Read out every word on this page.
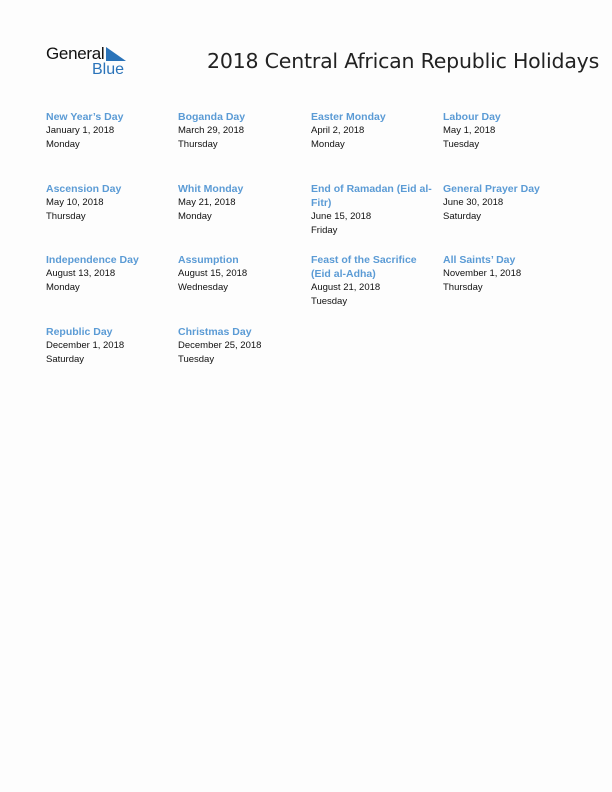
General
Blue	2018 Central African Republic Holidays
New Year’s Day
January 1, 2018
Monday
Boganda Day
March 29, 2018
Thursday
Easter Monday
April 2, 2018
Monday
Labour Day
May 1, 2018
Tuesday
Ascension Day
May 10, 2018
Thursday
Whit Monday
May 21, 2018
Monday
End of Ramadan (Eid al-Fitr)
June 15, 2018
Friday
General Prayer Day
June 30, 2018
Saturday
Independence Day
August 13, 2018
Monday
Assumption
August 15, 2018
Wednesday
Feast of the Sacrifice (Eid al-Adha)
August 21, 2018
Tuesday
All Saints’ Day
November 1, 2018
Thursday
Republic Day
December 1, 2018
Saturday
Christmas Day
December 25, 2018
Tuesday
